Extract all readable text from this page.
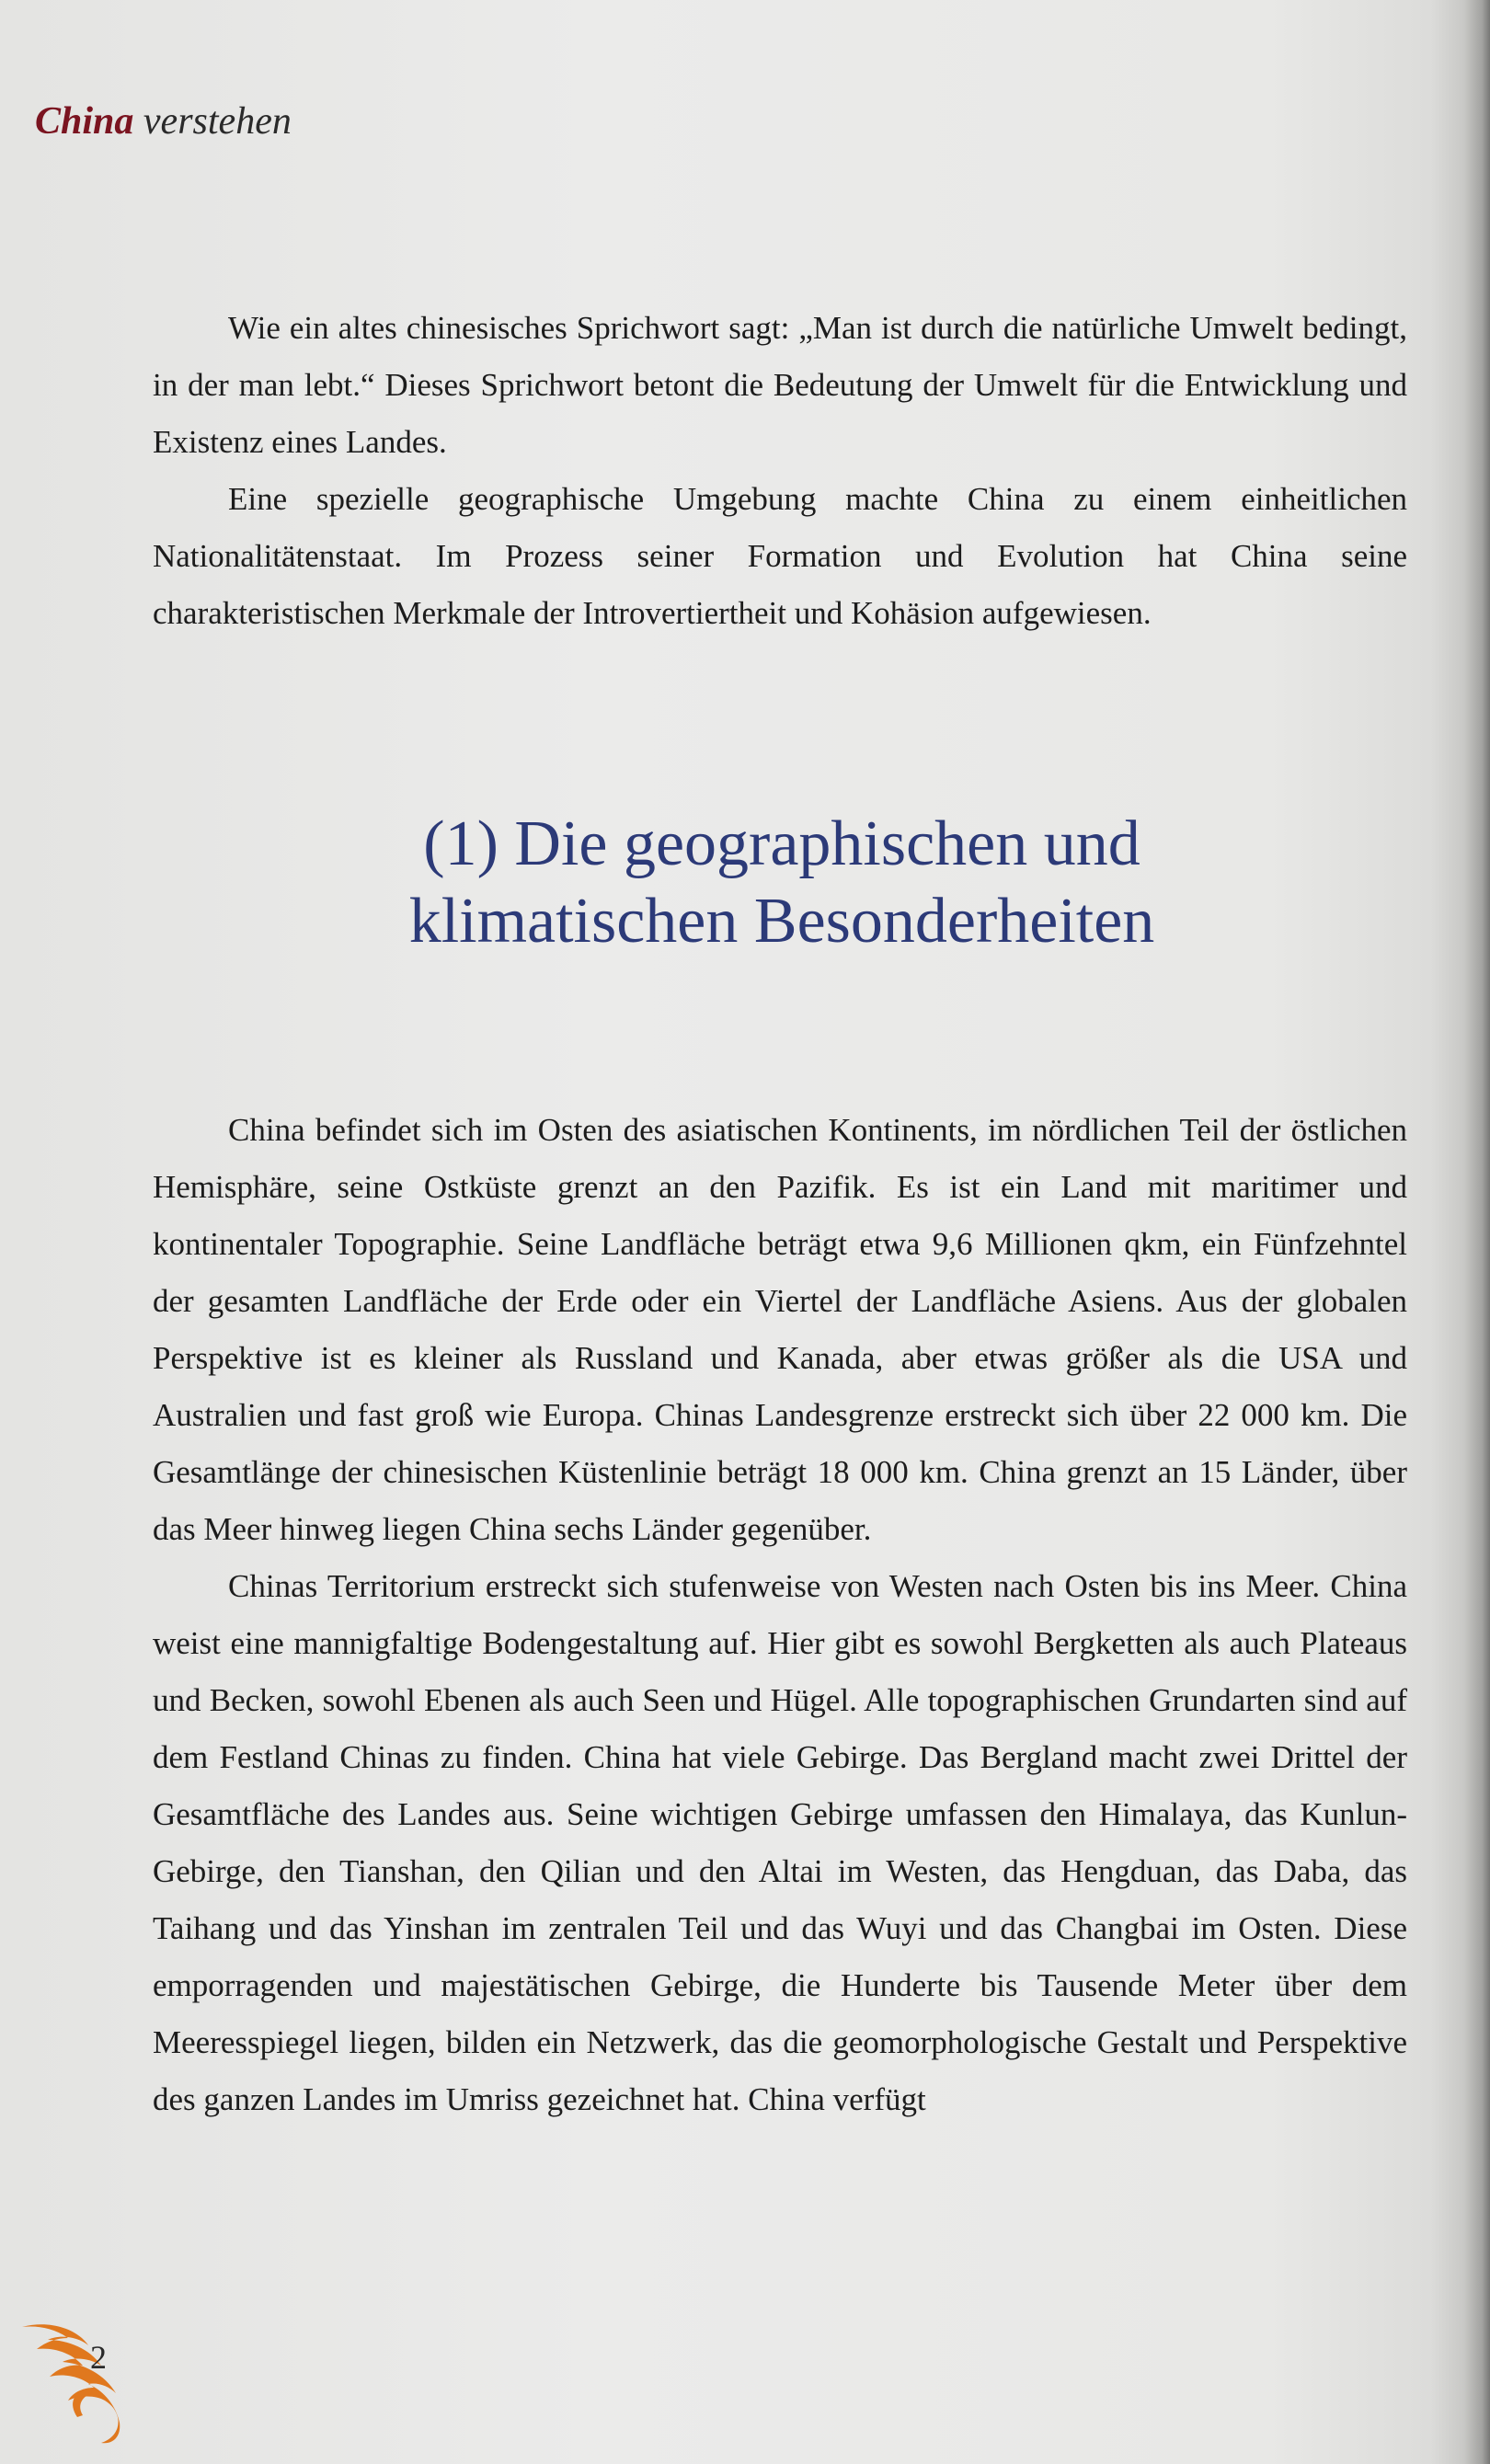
China verstehen

Wie ein altes chinesisches Sprichwort sagt: „Man ist durch die natürliche Umwelt bedingt, in der man lebt.“ Dieses Sprichwort betont die Bedeutung der Umwelt für die Entwicklung und Existenz eines Landes.

Eine spezielle geographische Umgebung machte China zu einem einheitlichen Nationalitätenstaat. Im Prozess seiner Formation und Evolution hat China seine charakteristischen Merkmale der Introvertiertheit und Kohäsion aufgewiesen.

(1) Die geographischen und
klimatischen Besonderheiten

China befindet sich im Osten des asiatischen Kontinents, im nördlichen Teil der östlichen Hemisphäre, seine Ostküste grenzt an den Pazifik. Es ist ein Land mit maritimer und kontinentaler Topographie. Seine Landfläche beträgt etwa 9,6 Millionen qkm, ein Fünfzehntel der gesamten Landfläche der Erde oder ein Viertel der Landfläche Asiens. Aus der globalen Perspektive ist es kleiner als Russland und Kanada, aber etwas größer als die USA und Australien und fast groß wie Europa. Chinas Landesgrenze erstreckt sich über 22 000 km. Die Gesamtlänge der chinesischen Küstenlinie beträgt 18 000 km. China grenzt an 15 Länder, über das Meer hinweg liegen China sechs Länder gegenüber.

Chinas Territorium erstreckt sich stufenweise von Westen nach Osten bis ins Meer. China weist eine mannigfaltige Bodengestaltung auf. Hier gibt es sowohl Bergketten als auch Plateaus und Becken, sowohl Ebenen als auch Seen und Hügel. Alle topographischen Grundarten sind auf dem Festland Chinas zu finden. China hat viele Gebirge. Das Bergland macht zwei Drittel der Gesamtfläche des Landes aus. Seine wichtigen Gebirge umfassen den Himalaya, das Kunlun-Gebirge, den Tianshan, den Qilian und den Altai im Westen, das Hengduan, das Daba, das Taihang und das Yinshan im zentralen Teil und das Wuyi und das Changbai im Osten. Diese emporragenden und majestätischen Gebirge, die Hunderte bis Tausende Meter über dem Meeresspiegel liegen, bilden ein Netzwerk, das die geomorphologische Gestalt und Perspektive des ganzen Landes im Umriss gezeichnet hat. China verfügt

2
